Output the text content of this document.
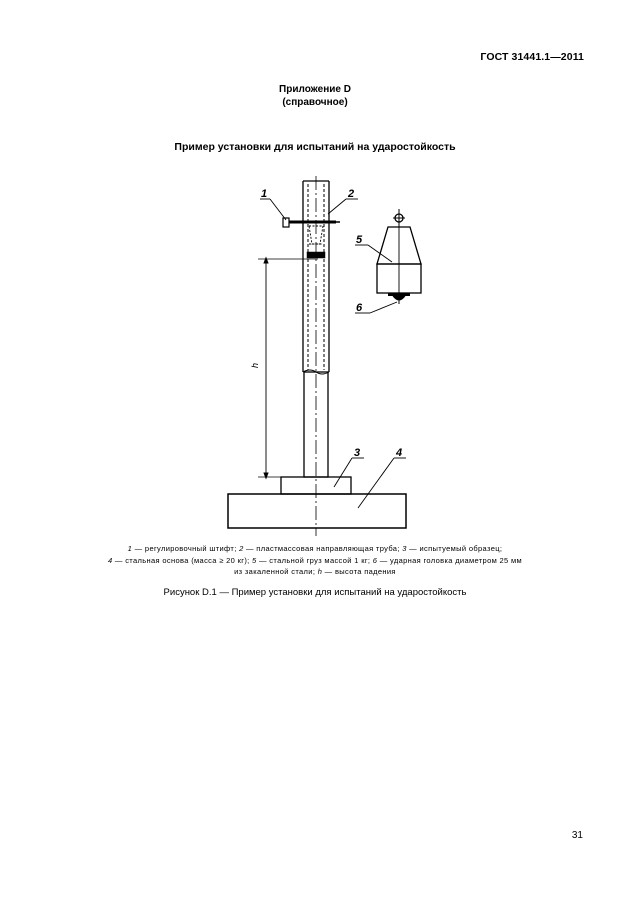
ГОСТ 31441.1—2011
Приложение D
(справочное)
Пример установки для испытаний на ударостойкость
h
1	2
5
6
3	4
1 — регулировочный штифт; 2 — пластмассовая направляющая труба; 3 — испытуемый образец;
4 — стальная основа (масса ≥ 20 кг); 5 — стальной груз массой 1 кг; 6 — ударная головка диаметром 25 мм
из закаленной стали; h — высота падения
Рисунок D.1 — Пример установки для испытаний на ударостойкость
31
